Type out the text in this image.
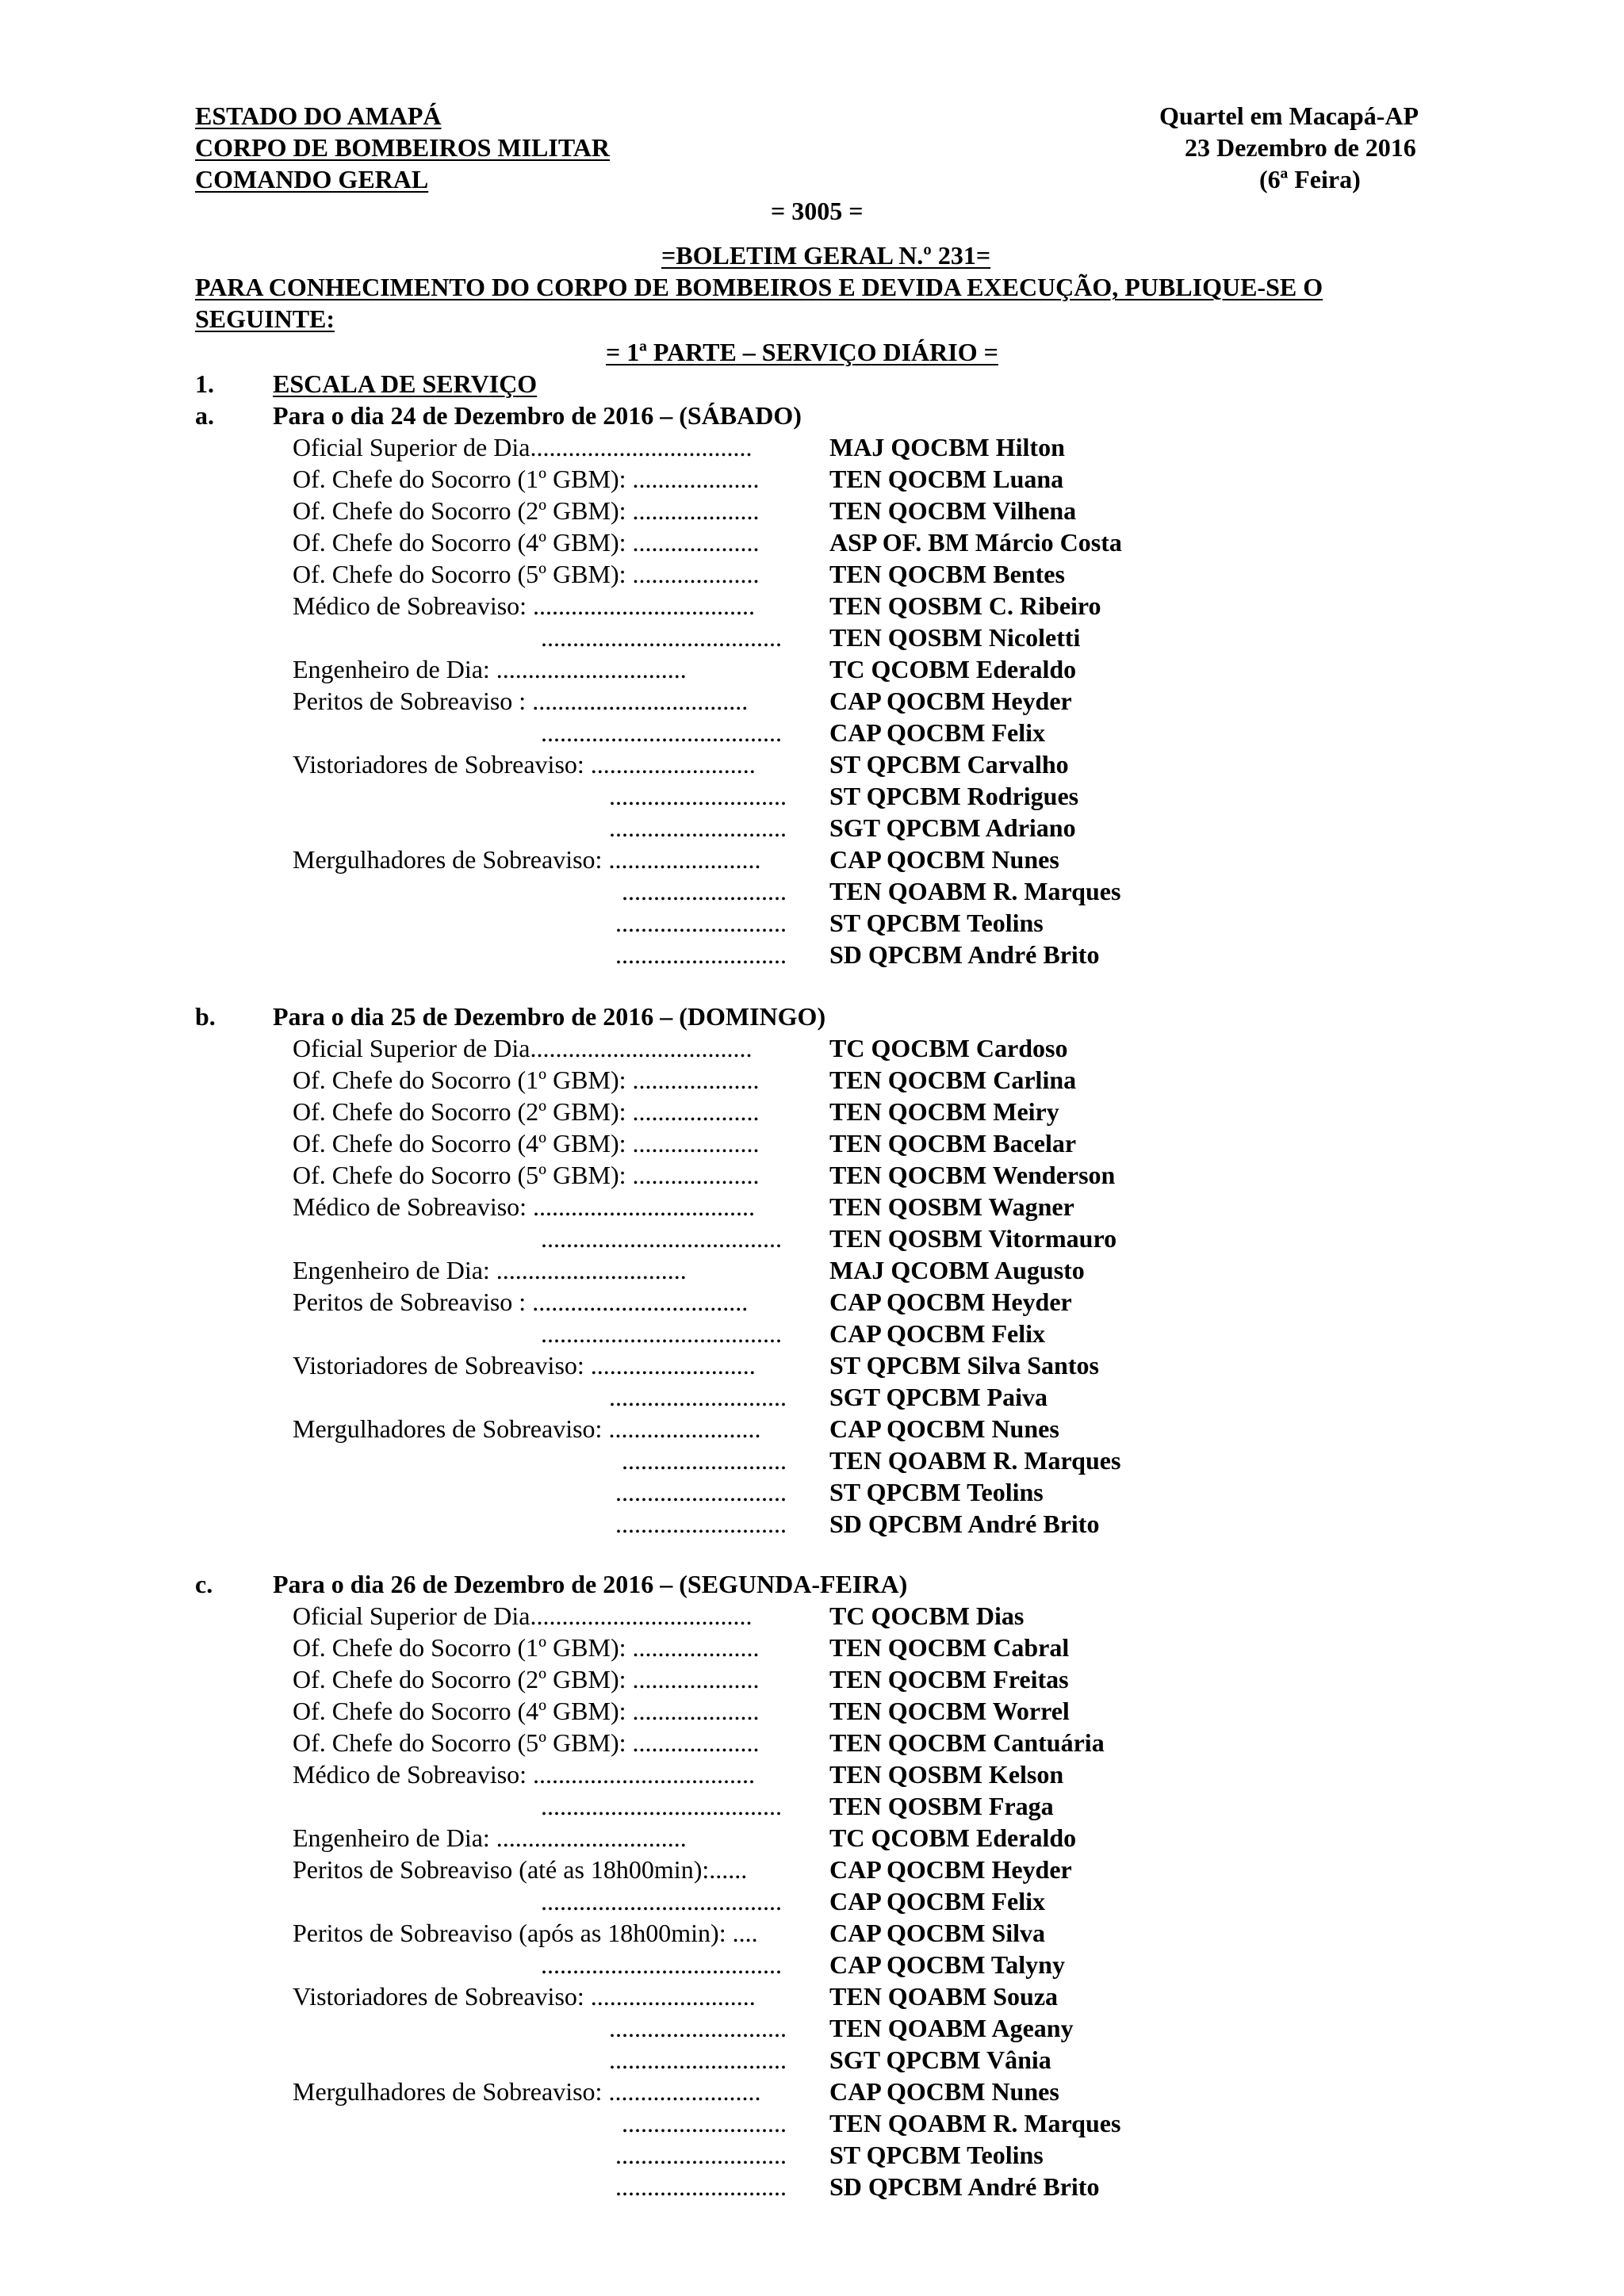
ESTADO DO AMAPÁ
CORPO DE BOMBEIROS MILITAR
COMANDO GERAL
Quartel em Macapá-AP
23 Dezembro de 2016
(6ª Feira)
= 3005 =
=BOLETIM GERAL N.º 231=
PARA CONHECIMENTO DO CORPO DE BOMBEIROS E DEVIDA EXECUÇÃO, PUBLIQUE-SE O
SEGUINTE:
= 1ª PARTE – SERVIÇO DIÁRIO =
1. ESCALA DE SERVIÇO
a. Para o dia 24 de Dezembro de 2016 – (SÁBADO)
Oficial Superior de Dia...................................	MAJ QOCBM Hilton
Of. Chefe do Socorro (1º GBM): ....................	TEN QOCBM Luana
Of. Chefe do Socorro (2º GBM): ....................	TEN QOCBM Vilhena
Of. Chefe do Socorro (4º GBM): ....................	ASP OF. BM Márcio Costa
Of. Chefe do Socorro (5º GBM): ....................	TEN QOCBM Bentes
Médico de Sobreaviso: ...................................	TEN QOSBM C. Ribeiro
...................................... TEN QOSBM Nicoletti
Engenheiro de Dia: ..............................	TC QCOBM Ederaldo
Peritos de Sobreaviso : ..................................	CAP QOCBM Heyder
...................................... CAP QOCBM Felix
Vistoriadores de Sobreaviso: ..........................	ST QPCBM Carvalho
............................ ST QPCBM Rodrigues
............................ SGT QPCBM Adriano
Mergulhadores de Sobreaviso: ........................	CAP QOCBM Nunes
.......................... TEN QOABM R. Marques
........................... ST QPCBM Teolins
........................... SD QPCBM André Brito
b. Para o dia 25 de Dezembro de 2016 – (DOMINGO)
Oficial Superior de Dia...................................	TC QOCBM Cardoso
Of. Chefe do Socorro (1º GBM): ....................	TEN QOCBM Carlina
Of. Chefe do Socorro (2º GBM): ....................	TEN QOCBM Meiry
Of. Chefe do Socorro (4º GBM): ....................	TEN QOCBM Bacelar
Of. Chefe do Socorro (5º GBM): ....................	TEN QOCBM Wenderson
Médico de Sobreaviso: ...................................	TEN QOSBM Wagner
...................................... TEN QOSBM Vitormauro
Engenheiro de Dia: ..............................	MAJ QCOBM Augusto
Peritos de Sobreaviso : ..................................	CAP QOCBM Heyder
...................................... CAP QOCBM Felix
Vistoriadores de Sobreaviso: ..........................	ST QPCBM Silva Santos
............................ SGT QPCBM Paiva
Mergulhadores de Sobreaviso: ........................	CAP QOCBM Nunes
.......................... TEN QOABM R. Marques
........................... ST QPCBM Teolins
........................... SD QPCBM André Brito
c. Para o dia 26 de Dezembro de 2016 – (SEGUNDA-FEIRA)
Oficial Superior de Dia...................................	TC QOCBM Dias
Of. Chefe do Socorro (1º GBM): ....................	TEN QOCBM Cabral
Of. Chefe do Socorro (2º GBM): ....................	TEN QOCBM Freitas
Of. Chefe do Socorro (4º GBM): ....................	TEN QOCBM Worrel
Of. Chefe do Socorro (5º GBM): ....................	TEN QOCBM Cantuária
Médico de Sobreaviso: ...................................	TEN QOSBM Kelson
...................................... TEN QOSBM Fraga
Engenheiro de Dia: ..............................	TC QCOBM Ederaldo
Peritos de Sobreaviso (até as 18h00min):......	CAP QOCBM Heyder
...................................... CAP QOCBM Felix
Peritos de Sobreaviso (após as 18h00min): ....	CAP QOCBM Silva
...................................... CAP QOCBM Talyny
Vistoriadores de Sobreaviso: ..........................	TEN QOABM Souza
............................ TEN QOABM Ageany
............................ SGT QPCBM Vânia
Mergulhadores de Sobreaviso: ........................	CAP QOCBM Nunes
.......................... TEN QOABM R. Marques
........................... ST QPCBM Teolins
........................... SD QPCBM André Brito
